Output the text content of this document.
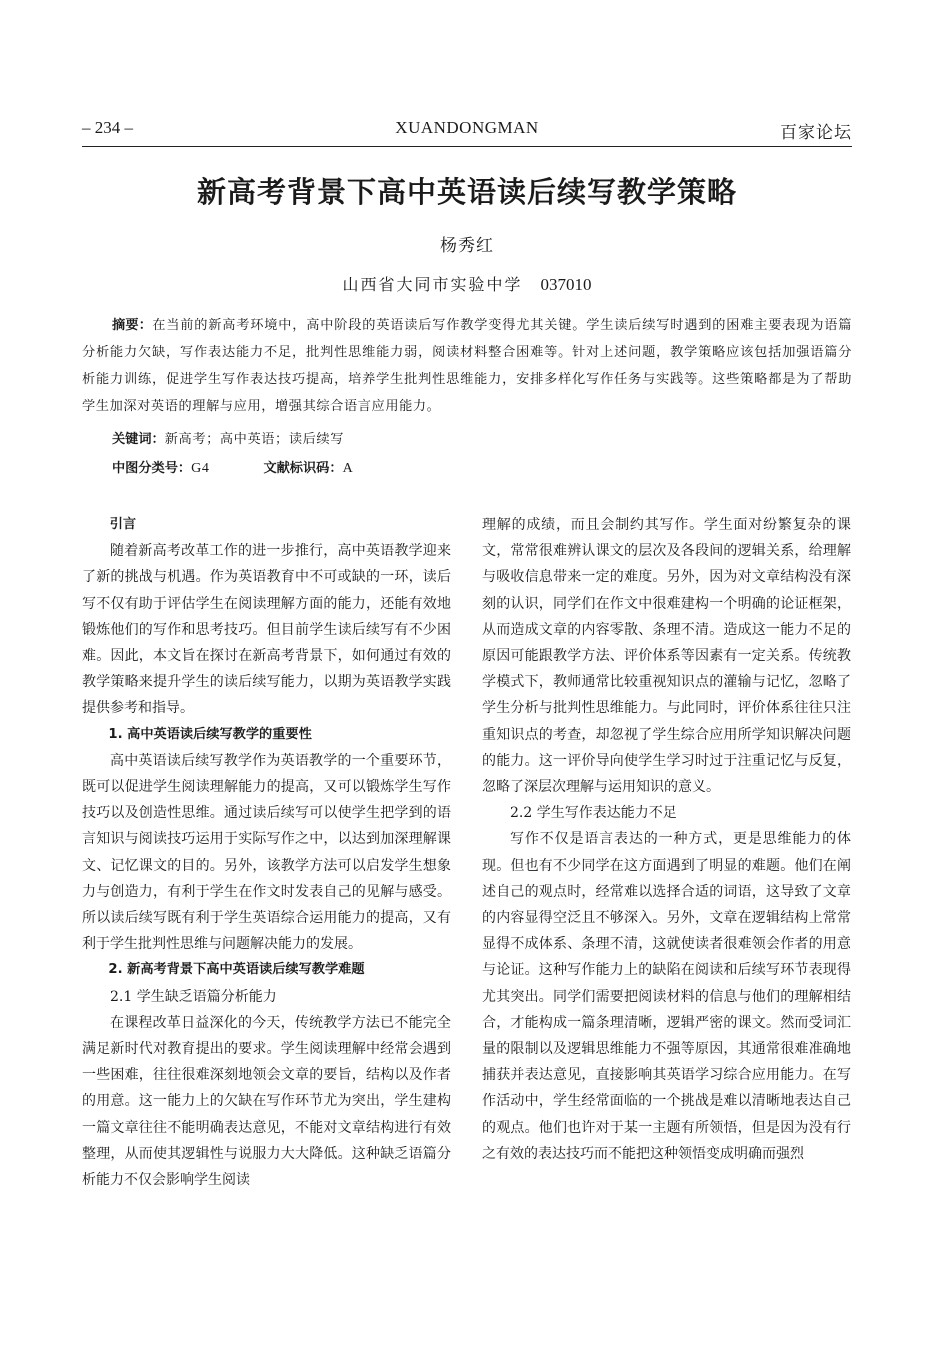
– 234 –	XUANDONGMAN	百家论坛
新高考背景下高中英语读后续写教学策略
杨秀红
山西省大同市实验中学 037010
摘要：在当前的新高考环境中，高中阶段的英语读后写作教学变得尤其关键。学生读后续写时遇到的困难主要表现为语篇分析能力欠缺，写作表达能力不足，批判性思维能力弱，阅读材料整合困难等。针对上述问题，教学策略应该包括加强语篇分析能力训练，促进学生写作表达技巧提高，培养学生批判性思维能力，安排多样化写作任务与实践等。这些策略都是为了帮助学生加深对英语的理解与应用，增强其综合语言应用能力。
关键词：新高考；高中英语；读后续写
中图分类号：G4	文献标识码：A

引言

随着新高考改革工作的进一步推行，高中英语教学迎来了新的挑战与机遇。作为英语教育中不可或缺的一环，读后写不仅有助于评估学生在阅读理解方面的能力，还能有效地锻炼他们的写作和思考技巧。但目前学生读后续写有不少困难。因此，本文旨在探讨在新高考背景下，如何通过有效的教学策略来提升学生的读后续写能力，以期为英语教学实践提供参考和指导。

1. 高中英语读后续写教学的重要性

高中英语读后续写教学作为英语教学的一个重要环节，既可以促进学生阅读理解能力的提高，又可以锻炼学生写作技巧以及创造性思维。通过读后续写可以使学生把学到的语言知识与阅读技巧运用于实际写作之中，以达到加深理解课文、记忆课文的目的。另外，该教学方法可以启发学生想象力与创造力，有利于学生在作文时发表自己的见解与感受。所以读后续写既有利于学生英语综合运用能力的提高，又有利于学生批判性思维与问题解决能力的发展。

2. 新高考背景下高中英语读后续写教学难题

2.1 学生缺乏语篇分析能力

在课程改革日益深化的今天，传统教学方法已不能完全满足新时代对教育提出的要求。学生阅读理解中经常会遇到一些困难，往往很难深刻地领会文章的要旨，结构以及作者的用意。这一能力上的欠缺在写作环节尤为突出，学生建构一篇文章往往不能明确表达意见，不能对文章结构进行有效整理，从而使其逻辑性与说服力大大降低。这种缺乏语篇分析能力不仅会影响学生阅读

理解的成绩，而且会制约其写作。学生面对纷繁复杂的课文，常常很难辨认课文的层次及各段间的逻辑关系，给理解与吸收信息带来一定的难度。另外，因为对文章结构没有深刻的认识，同学们在作文中很难建构一个明确的论证框架，从而造成文章的内容零散、条理不清。造成这一能力不足的原因可能跟教学方法、评价体系等因素有一定关系。传统教学模式下，教师通常比较重视知识点的灌输与记忆，忽略了学生分析与批判性思维能力。与此同时，评价体系往往只注重知识点的考查，却忽视了学生综合应用所学知识解决问题的能力。这一评价导向使学生学习时过于注重记忆与反复，忽略了深层次理解与运用知识的意义。

2.2 学生写作表达能力不足

写作不仅是语言表达的一种方式，更是思维能力的体现。但也有不少同学在这方面遇到了明显的难题。他们在阐述自己的观点时，经常难以选择合适的词语，这导致了文章的内容显得空泛且不够深入。另外，文章在逻辑结构上常常显得不成体系、条理不清，这就使读者很难领会作者的用意与论证。这种写作能力上的缺陷在阅读和后续写环节表现得尤其突出。同学们需要把阅读材料的信息与他们的理解相结合，才能构成一篇条理清晰，逻辑严密的课文。然而受词汇量的限制以及逻辑思维能力不强等原因，其通常很难准确地捕获并表达意见，直接影响其英语学习综合应用能力。在写作活动中，学生经常面临的一个挑战是难以清晰地表达自己的观点。他们也许对于某一主题有所领悟，但是因为没有行之有效的表达技巧而不能把这种领悟变成明确而强烈
